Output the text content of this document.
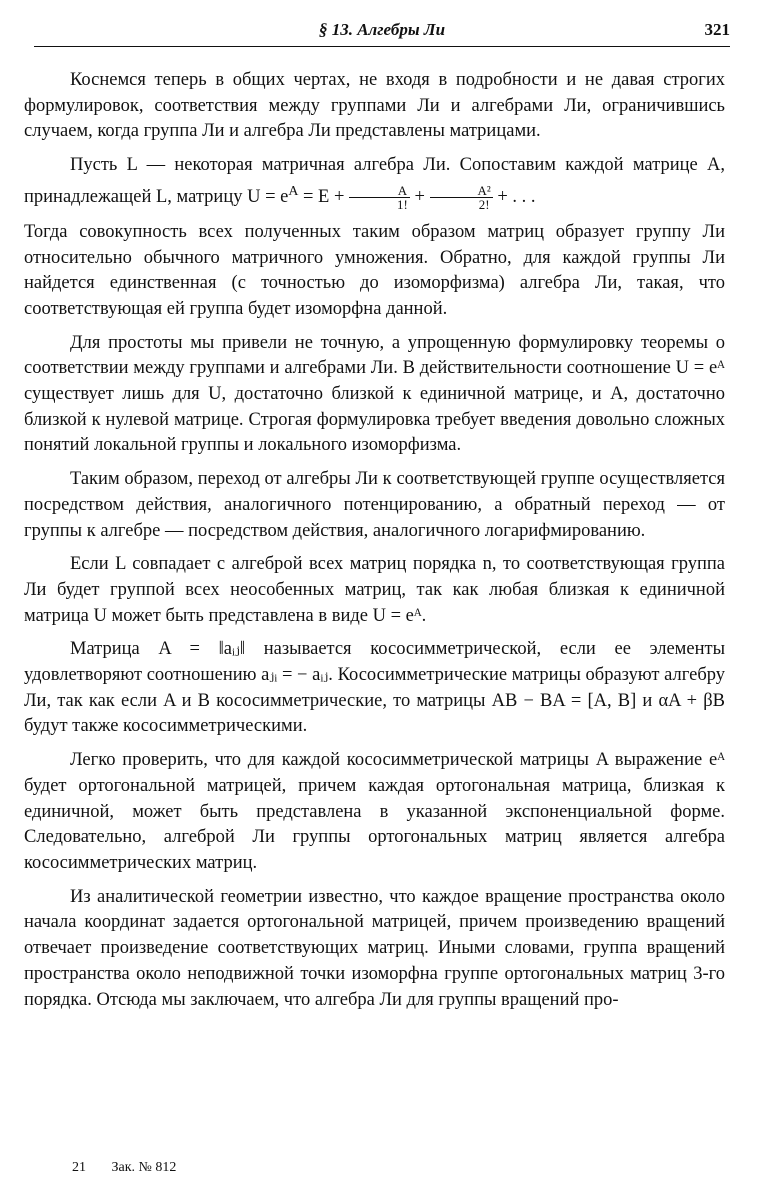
§ 13. Алгебры Ли	321

Коснемся теперь в общих чертах, не входя в подробности и не давая строгих формулировок, соответствия между группами Ли и алгебрами Ли, ограничившись случаем, когда группа Ли и алгебра Ли представлены матрицами.

Пусть L — некоторая матричная алгебра Ли. Сопоставим каждой матрице A, принадлежащей L, матрицу $U = e^A = E + \frac{A}{1!} + \frac{\text{A²}}{2!}$ + . . .

Тогда совокупность всех полученных таким образом матриц образует группу Ли относительно обычного матричного умножения. Обратно, для каждой группы Ли найдется единственная (с точностью до изоморфизма) алгебра Ли, такая, что соответствующая ей группа будет изоморфна данной.

Для простоты мы привели не точную, а упрощенную формулировку теоремы о соответствии между группами и алгебрами Ли. В действительности соотношение U = eᴬ существует лишь для U, достаточно близкой к единичной матрице, и A, достаточно близкой к нулевой матрице. Строгая формулировка требует введения довольно сложных понятий локальной группы и локального изоморфизма.

Таким образом, переход от алгебры Ли к соответствующей группе осуществляется посредством действия, аналогичного потенцированию, а обратный переход — от группы к алгебре — посредством действия, аналогичного логарифмированию.

Если L совпадает с алгеброй всех матриц порядка n, то соответствующая группа Ли будет группой всех неособенных матриц, так как любая близкая к единичной матрица U может быть представлена в виде U = eᴬ.

Матрица A = ‖aᵢⱼ‖ называется кососимметрической, если ее элементы удовлетворяют соотношению aⱼᵢ = − aᵢⱼ. Кососимметрические матрицы образуют алгебру Ли, так как если A и B кососимметрические, то матрицы AB − BA = [A, B] и αA + βB будут также кососимметрическими.

Легко проверить, что для каждой кососимметрической матрицы A выражение eᴬ будет ортогональной матрицей, причем каждая ортогональная матрица, близкая к единичной, может быть представлена в указанной экспоненциальной форме. Следовательно, алгеброй Ли группы ортогональных матриц является алгебра кососимметрических матриц.

Из аналитической геометрии известно, что каждое вращение пространства около начала координат задается ортогональной матрицей, причем произведению вращений отвечает произведение соответствующих матриц. Иными словами, группа вращений пространства около неподвижной точки изоморфна группе ортогональных матриц 3-го порядка. Отсюда мы заключаем, что алгебра Ли для группы вращений про-

21 Зак. № 812
